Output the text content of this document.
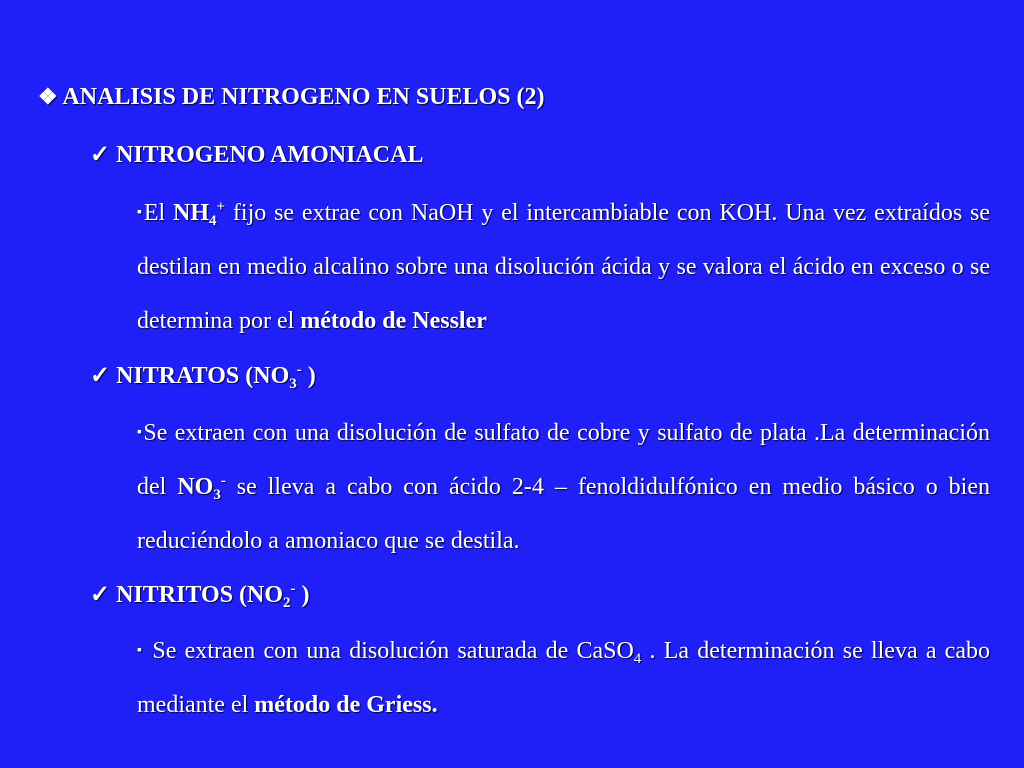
❖ ANALISIS DE NITROGENO EN SUELOS (2)
✓ NITROGENO AMONIACAL
▪El $NH_4^+$ fijo se extrae con NaOH y el intercambiable con KOH. Una vez extraídos se destilan en medio alcalino sobre una disolución ácida y se valora el ácido en exceso o se determina por el método de Nessler
✓ NITRATOS ($NO_3^-$ )
▪Se extraen con una disolución de sulfato de cobre y sulfato de plata .La determinación del $NO_3^-$ se lleva a cabo con ácido 2-4 – fenoldidulfónico en medio básico o bien reduciéndolo a amoniaco que se destila.
✓ NITRITOS ($NO_2^-$ )
▪ Se extraen con una disolución saturada de CaSO$_4$ . La determinación se lleva a cabo mediante el método de Griess.
